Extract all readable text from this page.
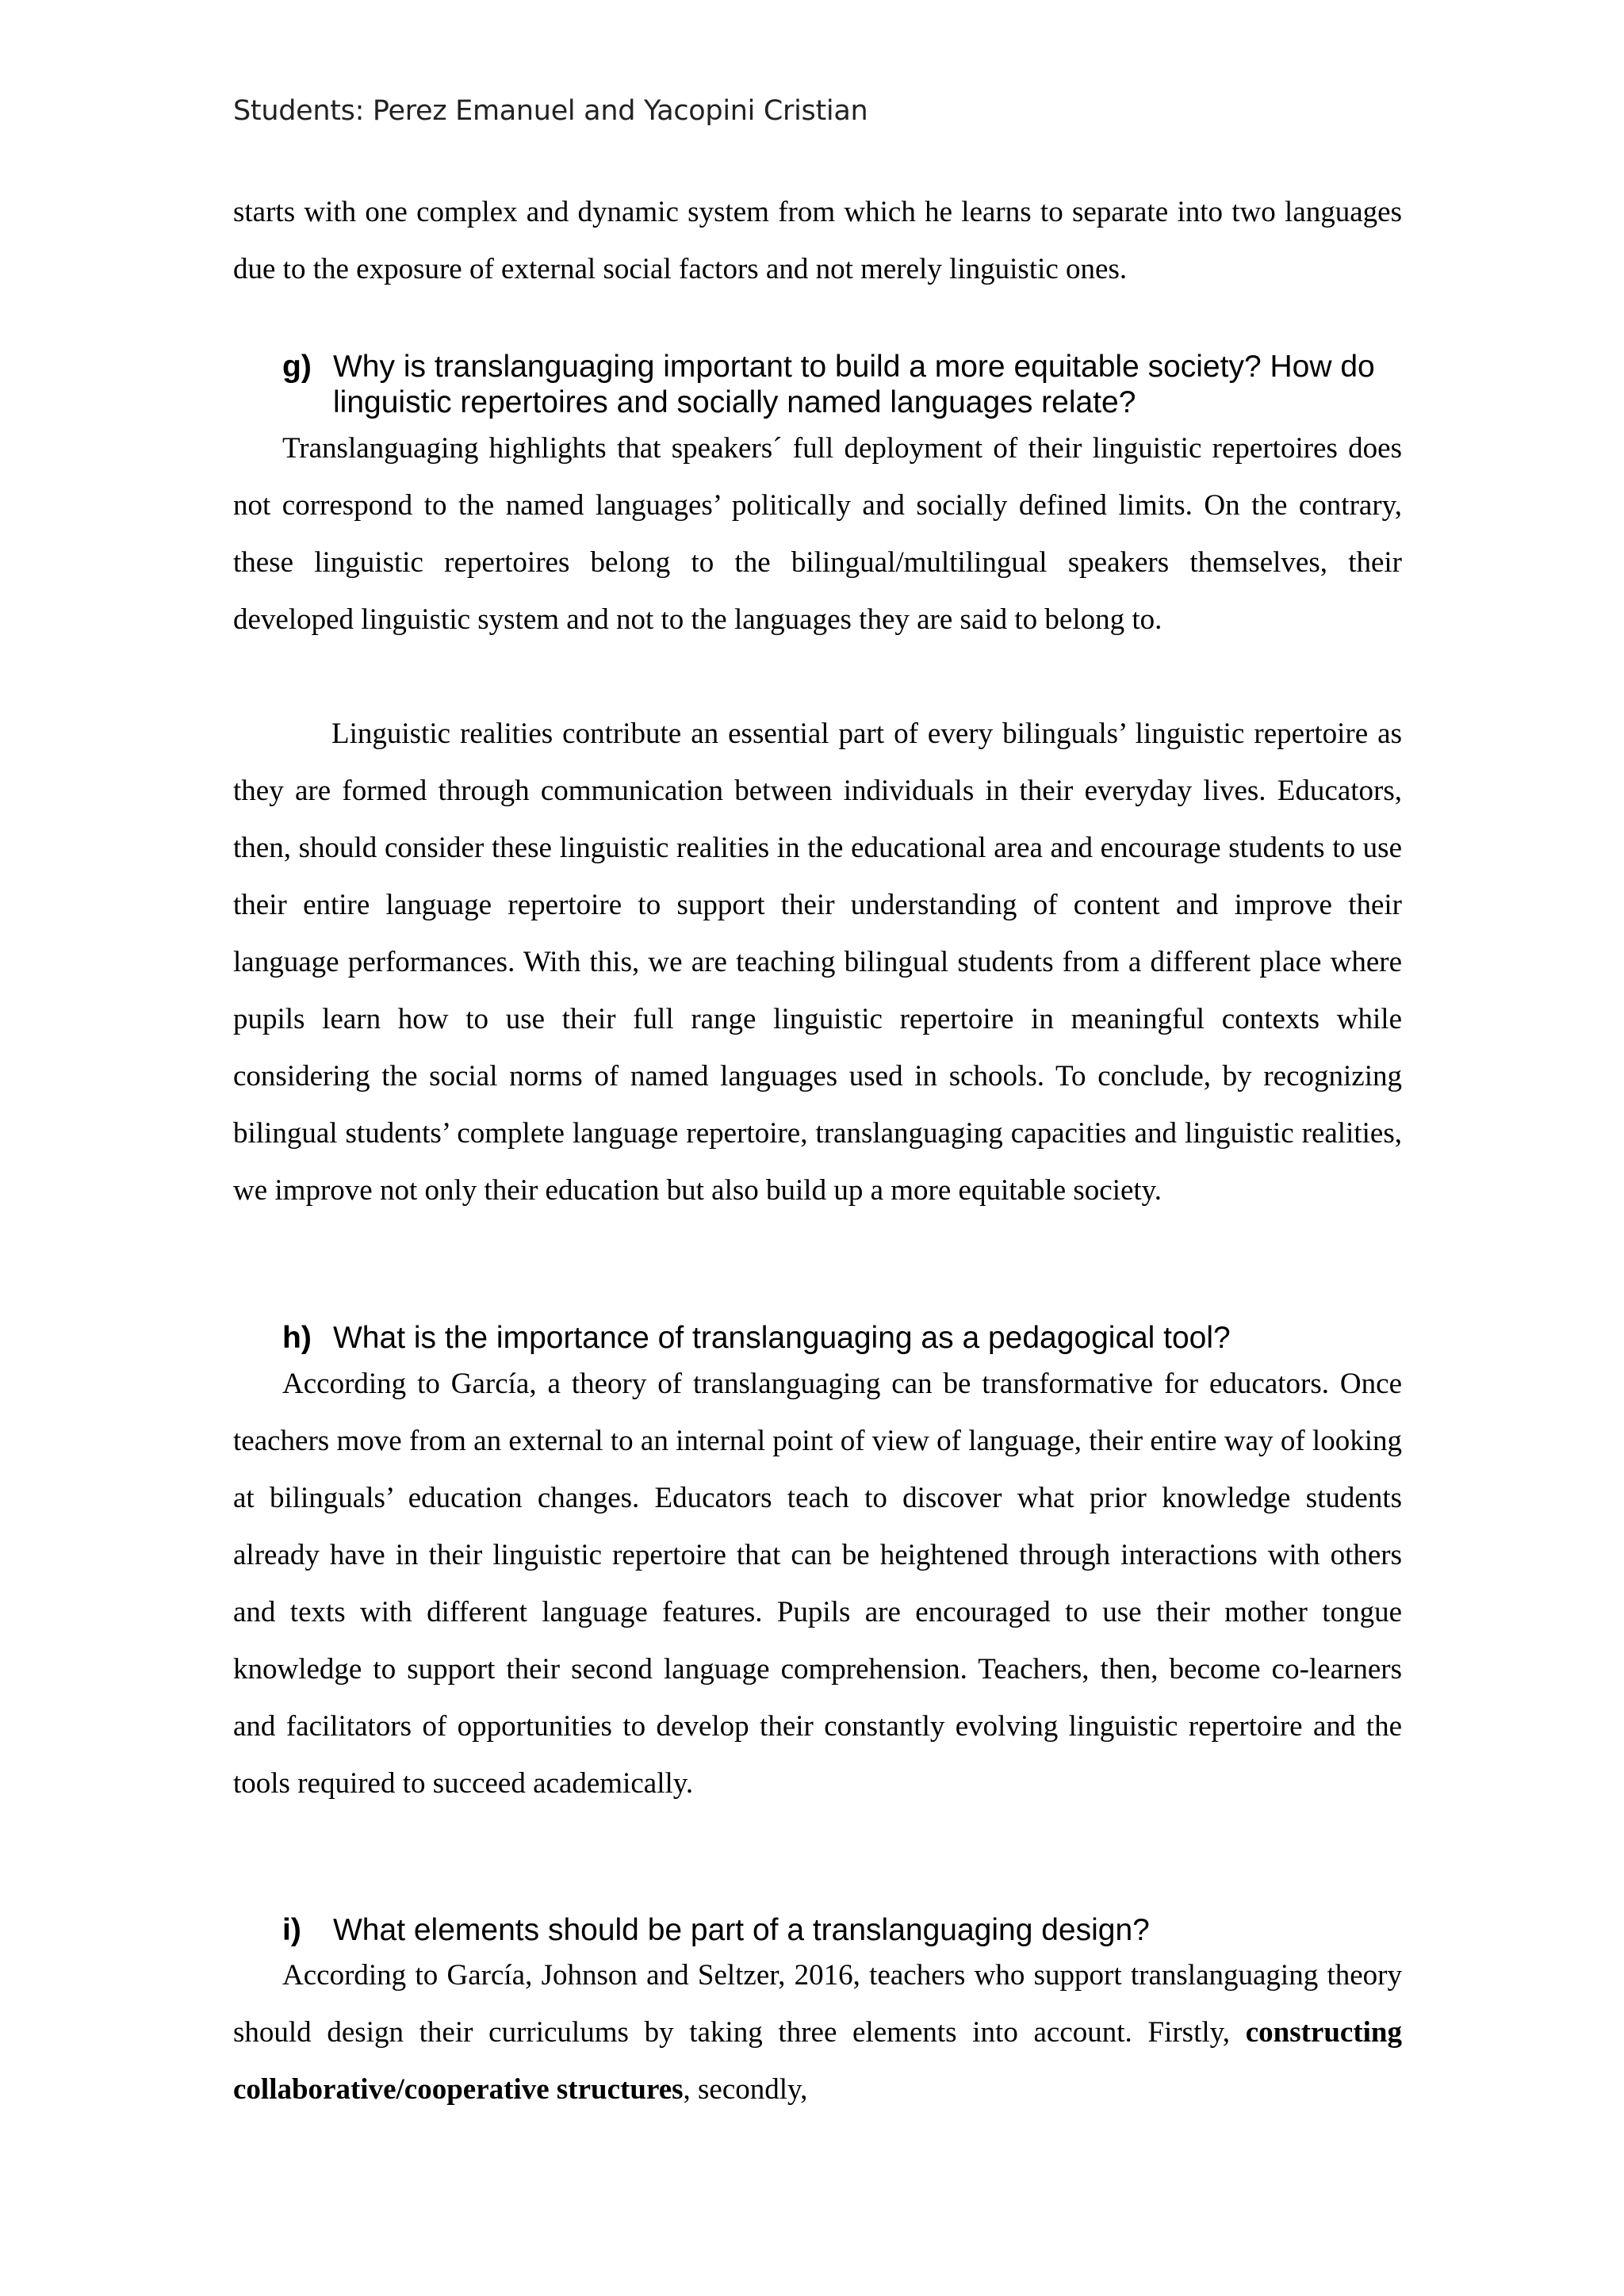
Students: Perez Emanuel and Yacopini Cristian

starts with one complex and dynamic system from which he learns to separate into two languages due to the exposure of external social factors and not merely linguistic ones.

g) Why is translanguaging important to build a more equitable society? How do linguistic repertoires and socially named languages relate?

Translanguaging highlights that speakers´ full deployment of their linguistic repertoires does not correspond to the named languages’ politically and socially defined limits. On the contrary, these linguistic repertoires belong to the bilingual/multilingual speakers themselves, their developed linguistic system and not to the languages they are said to belong to.

Linguistic realities contribute an essential part of every bilinguals’ linguistic repertoire as they are formed through communication between individuals in their everyday lives. Educators, then, should consider these linguistic realities in the educational area and encourage students to use their entire language repertoire to support their understanding of content and improve their language performances. With this, we are teaching bilingual students from a different place where pupils learn how to use their full range linguistic repertoire in meaningful contexts while considering the social norms of named languages used in schools. To conclude, by recognizing bilingual students’ complete language repertoire, translanguaging capacities and linguistic realities, we improve not only their education but also build up a more equitable society.

h) What is the importance of translanguaging as a pedagogical tool?

According to García, a theory of translanguaging can be transformative for educators. Once teachers move from an external to an internal point of view of language, their entire way of looking at bilinguals’ education changes. Educators teach to discover what prior knowledge students already have in their linguistic repertoire that can be heightened through interactions with others and texts with different language features. Pupils are encouraged to use their mother tongue knowledge to support their second language comprehension. Teachers, then, become co-learners and facilitators of opportunities to develop their constantly evolving linguistic repertoire and the tools required to succeed academically.

i)	What elements should be part of a translanguaging design?

According to García, Johnson and Seltzer, 2016, teachers who support translanguaging theory should design their curriculums by taking three elements into account. Firstly, constructing collaborative/cooperative structures, secondly,
